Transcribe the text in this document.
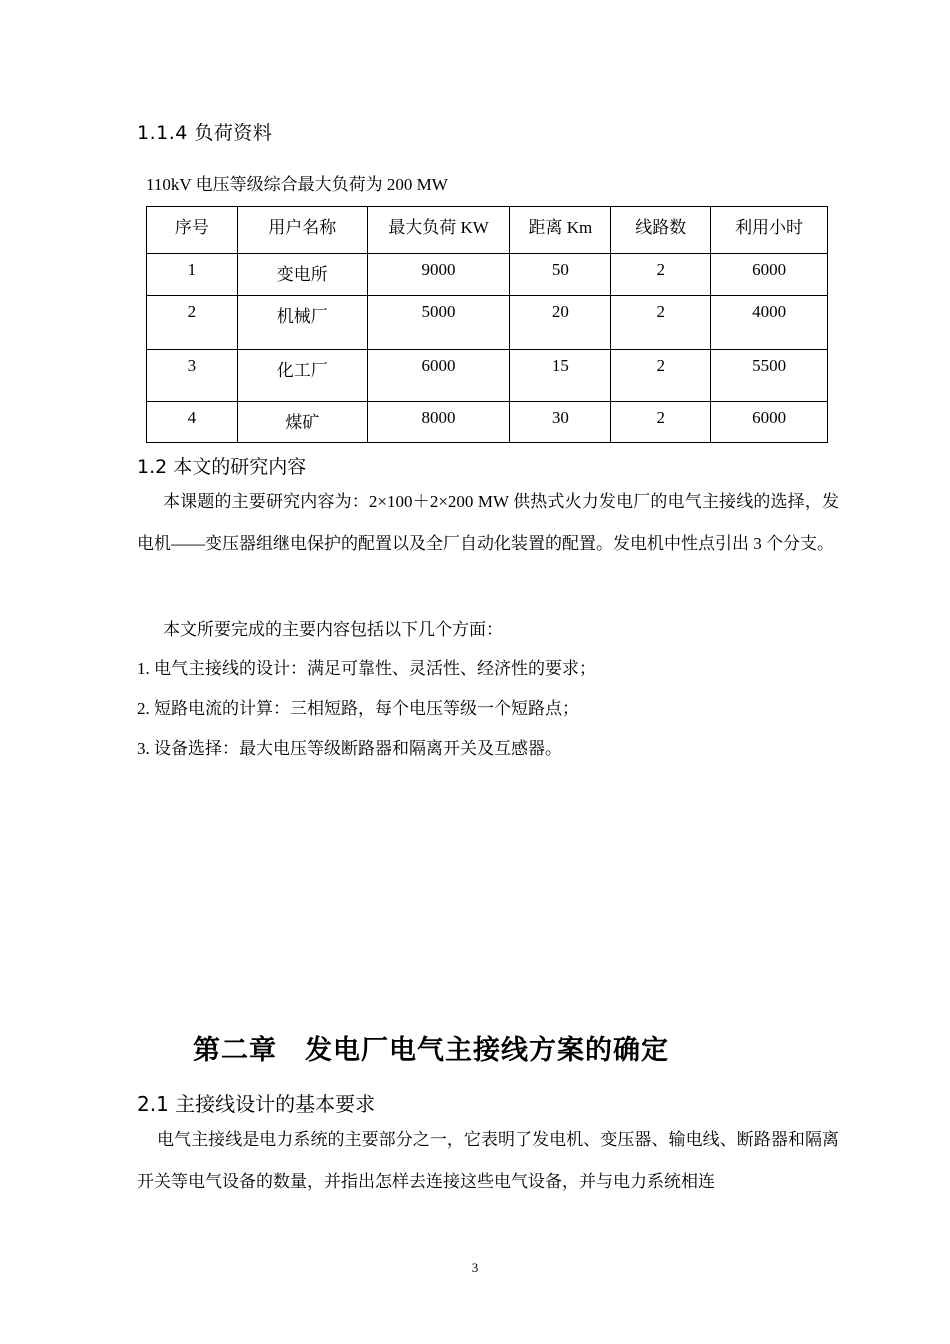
1.1.4 负荷资料
110kV 电压等级综合最大负荷为 200 MW
序号	用户名称	最大负荷 KW	距离 Km	线路数	利用小时
1	变电所	9000	50	2	6000
2	机械厂	5000	20	2	4000
3	化工厂	6000	15	2	5500
4	煤矿	8000	30	2	6000
1.2 本文的研究内容

本课题的主要研究内容为：2×100＋2×200 MW 供热式火力发电厂的电气主接线的选择，发电机——变压器组继电保护的配置以及全厂自动化装置的配置。发电机中性点引出 3 个分支。

本文所要完成的主要内容包括以下几个方面：

1. 电气主接线的设计：满足可靠性、灵活性、经济性的要求；
2. 短路电流的计算：三相短路，每个电压等级一个短路点；
3. 设备选择：最大电压等级断路器和隔离开关及互感器。
第二章　发电厂电气主接线方案的确定
2.1 主接线设计的基本要求

电气主接线是电力系统的主要部分之一，它表明了发电机、变压器、输电线、断路器和隔离开关等电气设备的数量，并指出怎样去连接这些电气设备，并与电力系统相连

3
